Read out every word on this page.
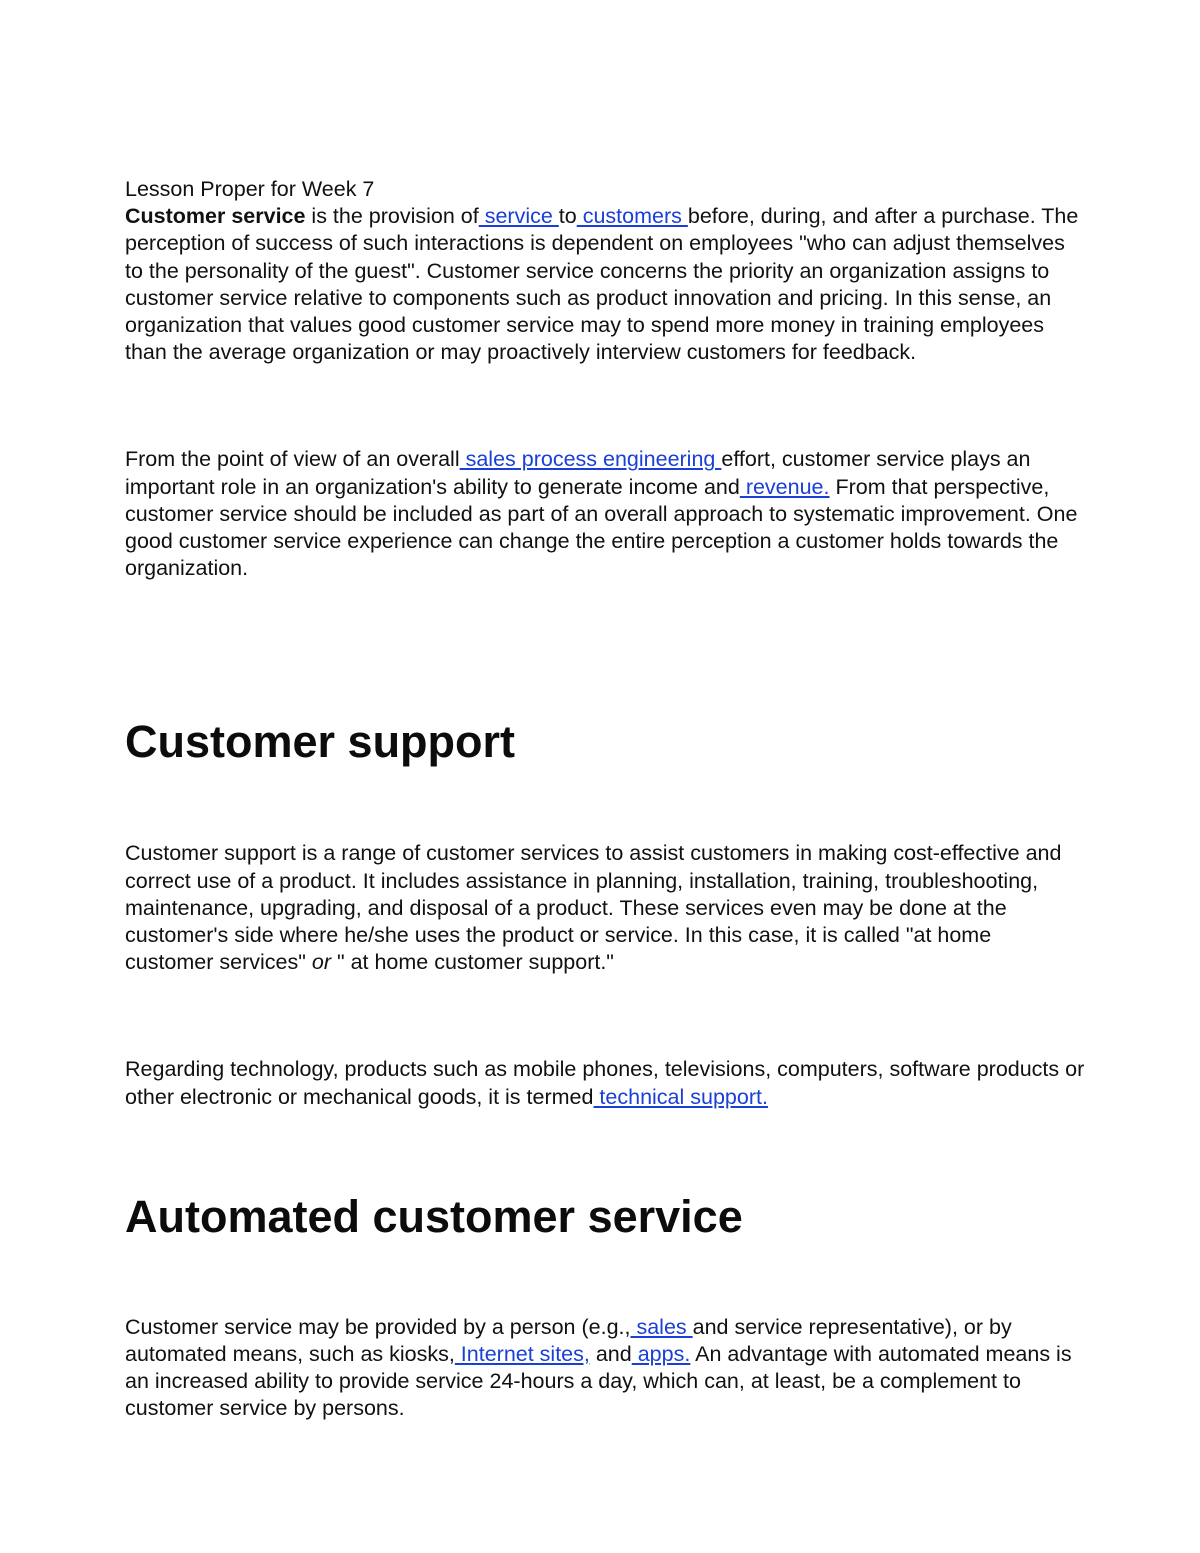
Lesson Proper for Week 7

Customer service is the provision of service to customers before, during, and after a purchase. The perception of success of such interactions is dependent on employees "who can adjust themselves to the personality of the guest". Customer service concerns the priority an organization assigns to customer service relative to components such as product innovation and pricing. In this sense, an organization that values good customer service may to spend more money in training employees than the average organization or may proactively interview customers for feedback.

From the point of view of an overall sales process engineering effort, customer service plays an important role in an organization's ability to generate income and revenue. From that perspective, customer service should be included as part of an overall approach to systematic improvement. One good customer service experience can change the entire perception a customer holds towards the organization.

Customer support

Customer support is a range of customer services to assist customers in making cost-effective and correct use of a product. It includes assistance in planning, installation, training, troubleshooting, maintenance, upgrading, and disposal of a product. These services even may be done at the customer's side where he/she uses the product or service. In this case, it is called "at home customer services" or " at home customer support."

Regarding technology, products such as mobile phones, televisions, computers, software products or other electronic or mechanical goods, it is termed technical support.

Automated customer service

Customer service may be provided by a person (e.g., sales and service representative), or by automated means, such as kiosks, Internet sites, and apps. An advantage with automated means is an increased ability to provide service 24-hours a day, which can, at least, be a complement to customer service by persons.
